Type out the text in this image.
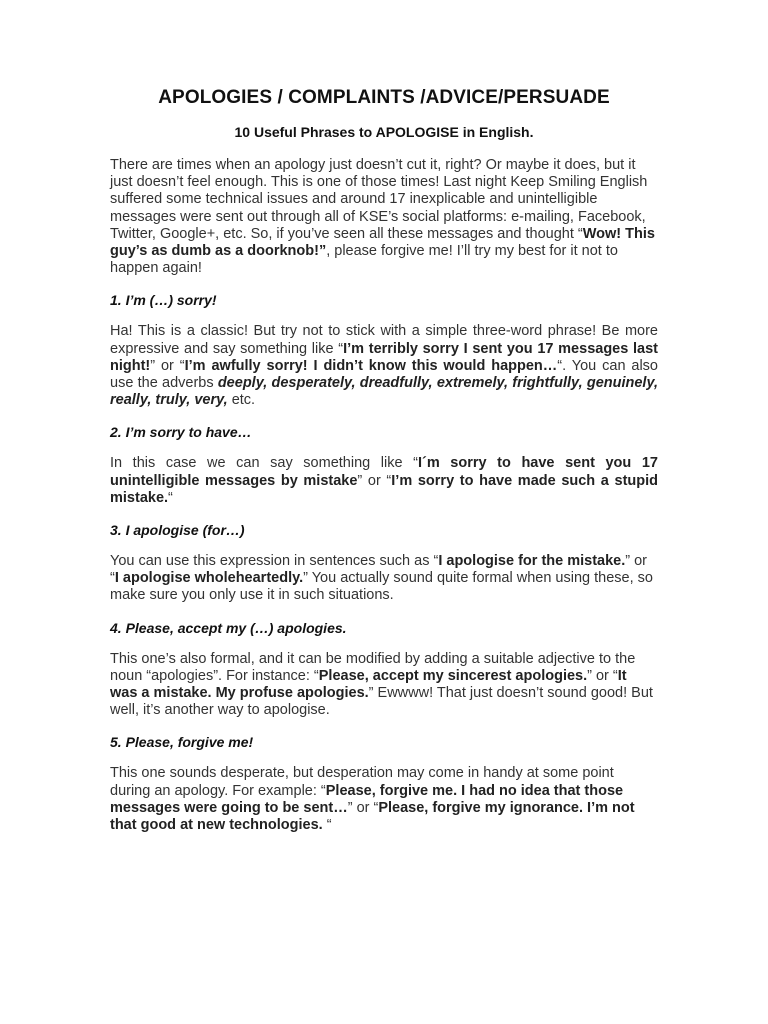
APOLOGIES / COMPLAINTS /ADVICE/PERSUADE
10 Useful Phrases to APOLOGISE in English.

There are times when an apology just doesn’t cut it, right? Or maybe it does, but it just doesn’t feel enough. This is one of those times! Last night Keep Smiling English suffered some technical issues and around 17 inexplicable and unintelligible messages were sent out through all of KSE’s social platforms: e-mailing, Facebook, Twitter, Google+, etc. So, if you’ve seen all these messages and thought “Wow! This guy’s as dumb as a doorknob!”, please forgive me! I’ll try my best for it not to happen again!

1. I’m (…) sorry!

Ha! This is a classic! But try not to stick with a simple three-word phrase! Be more expressive and say something like “I’m terribly sorry I sent you 17 messages last night!” or “I’m awfully sorry! I didn’t know this would happen…“. You can also use the adverbs deeply, desperately, dreadfully, extremely, frightfully, genuinely, really, truly, very, etc.

2. I’m sorry to have…

In this case we can say something like “I´m sorry to have sent you 17 unintelligible messages by mistake” or “I’m sorry to have made such a stupid mistake.“

3. I apologise (for…)

You can use this expression in sentences such as “I apologise for the mistake.” or “I apologise wholeheartedly.” You actually sound quite formal when using these, so make sure you only use it in such situations.

4. Please, accept my (…) apologies.

This one’s also formal, and it can be modified by adding a suitable adjective to the noun “apologies”. For instance: “Please, accept my sincerest apologies.” or “It was a mistake. My profuse apologies.” Ewwww! That just doesn’t sound good! But well, it’s another way to apologise.

5. Please, forgive me!

This one sounds desperate, but desperation may come in handy at some point during an apology. For example: “Please, forgive me. I had no idea that those messages were going to be sent…” or “Please, forgive my ignorance. I’m not that good at new technologies. “
